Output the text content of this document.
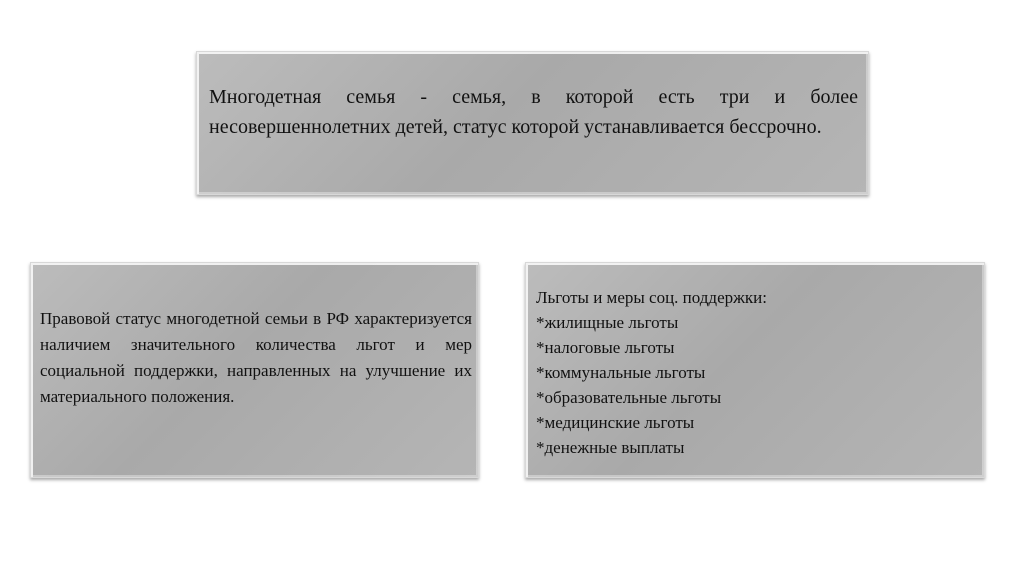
Многодетная семья - семья, в которой есть три и более несовершеннолетних детей, статус которой устанавливается бессрочно.

Правовой статус многодетной семьи в РФ характеризуется наличием значительного количества льгот и мер социальной поддержки, направленных на улучшение их материального положения.

Льготы и меры соц. поддержки:

*жилищные льготы
*налоговые льготы
*коммунальные льготы
*образовательные льготы
*медицинские льготы
*денежные выплаты
